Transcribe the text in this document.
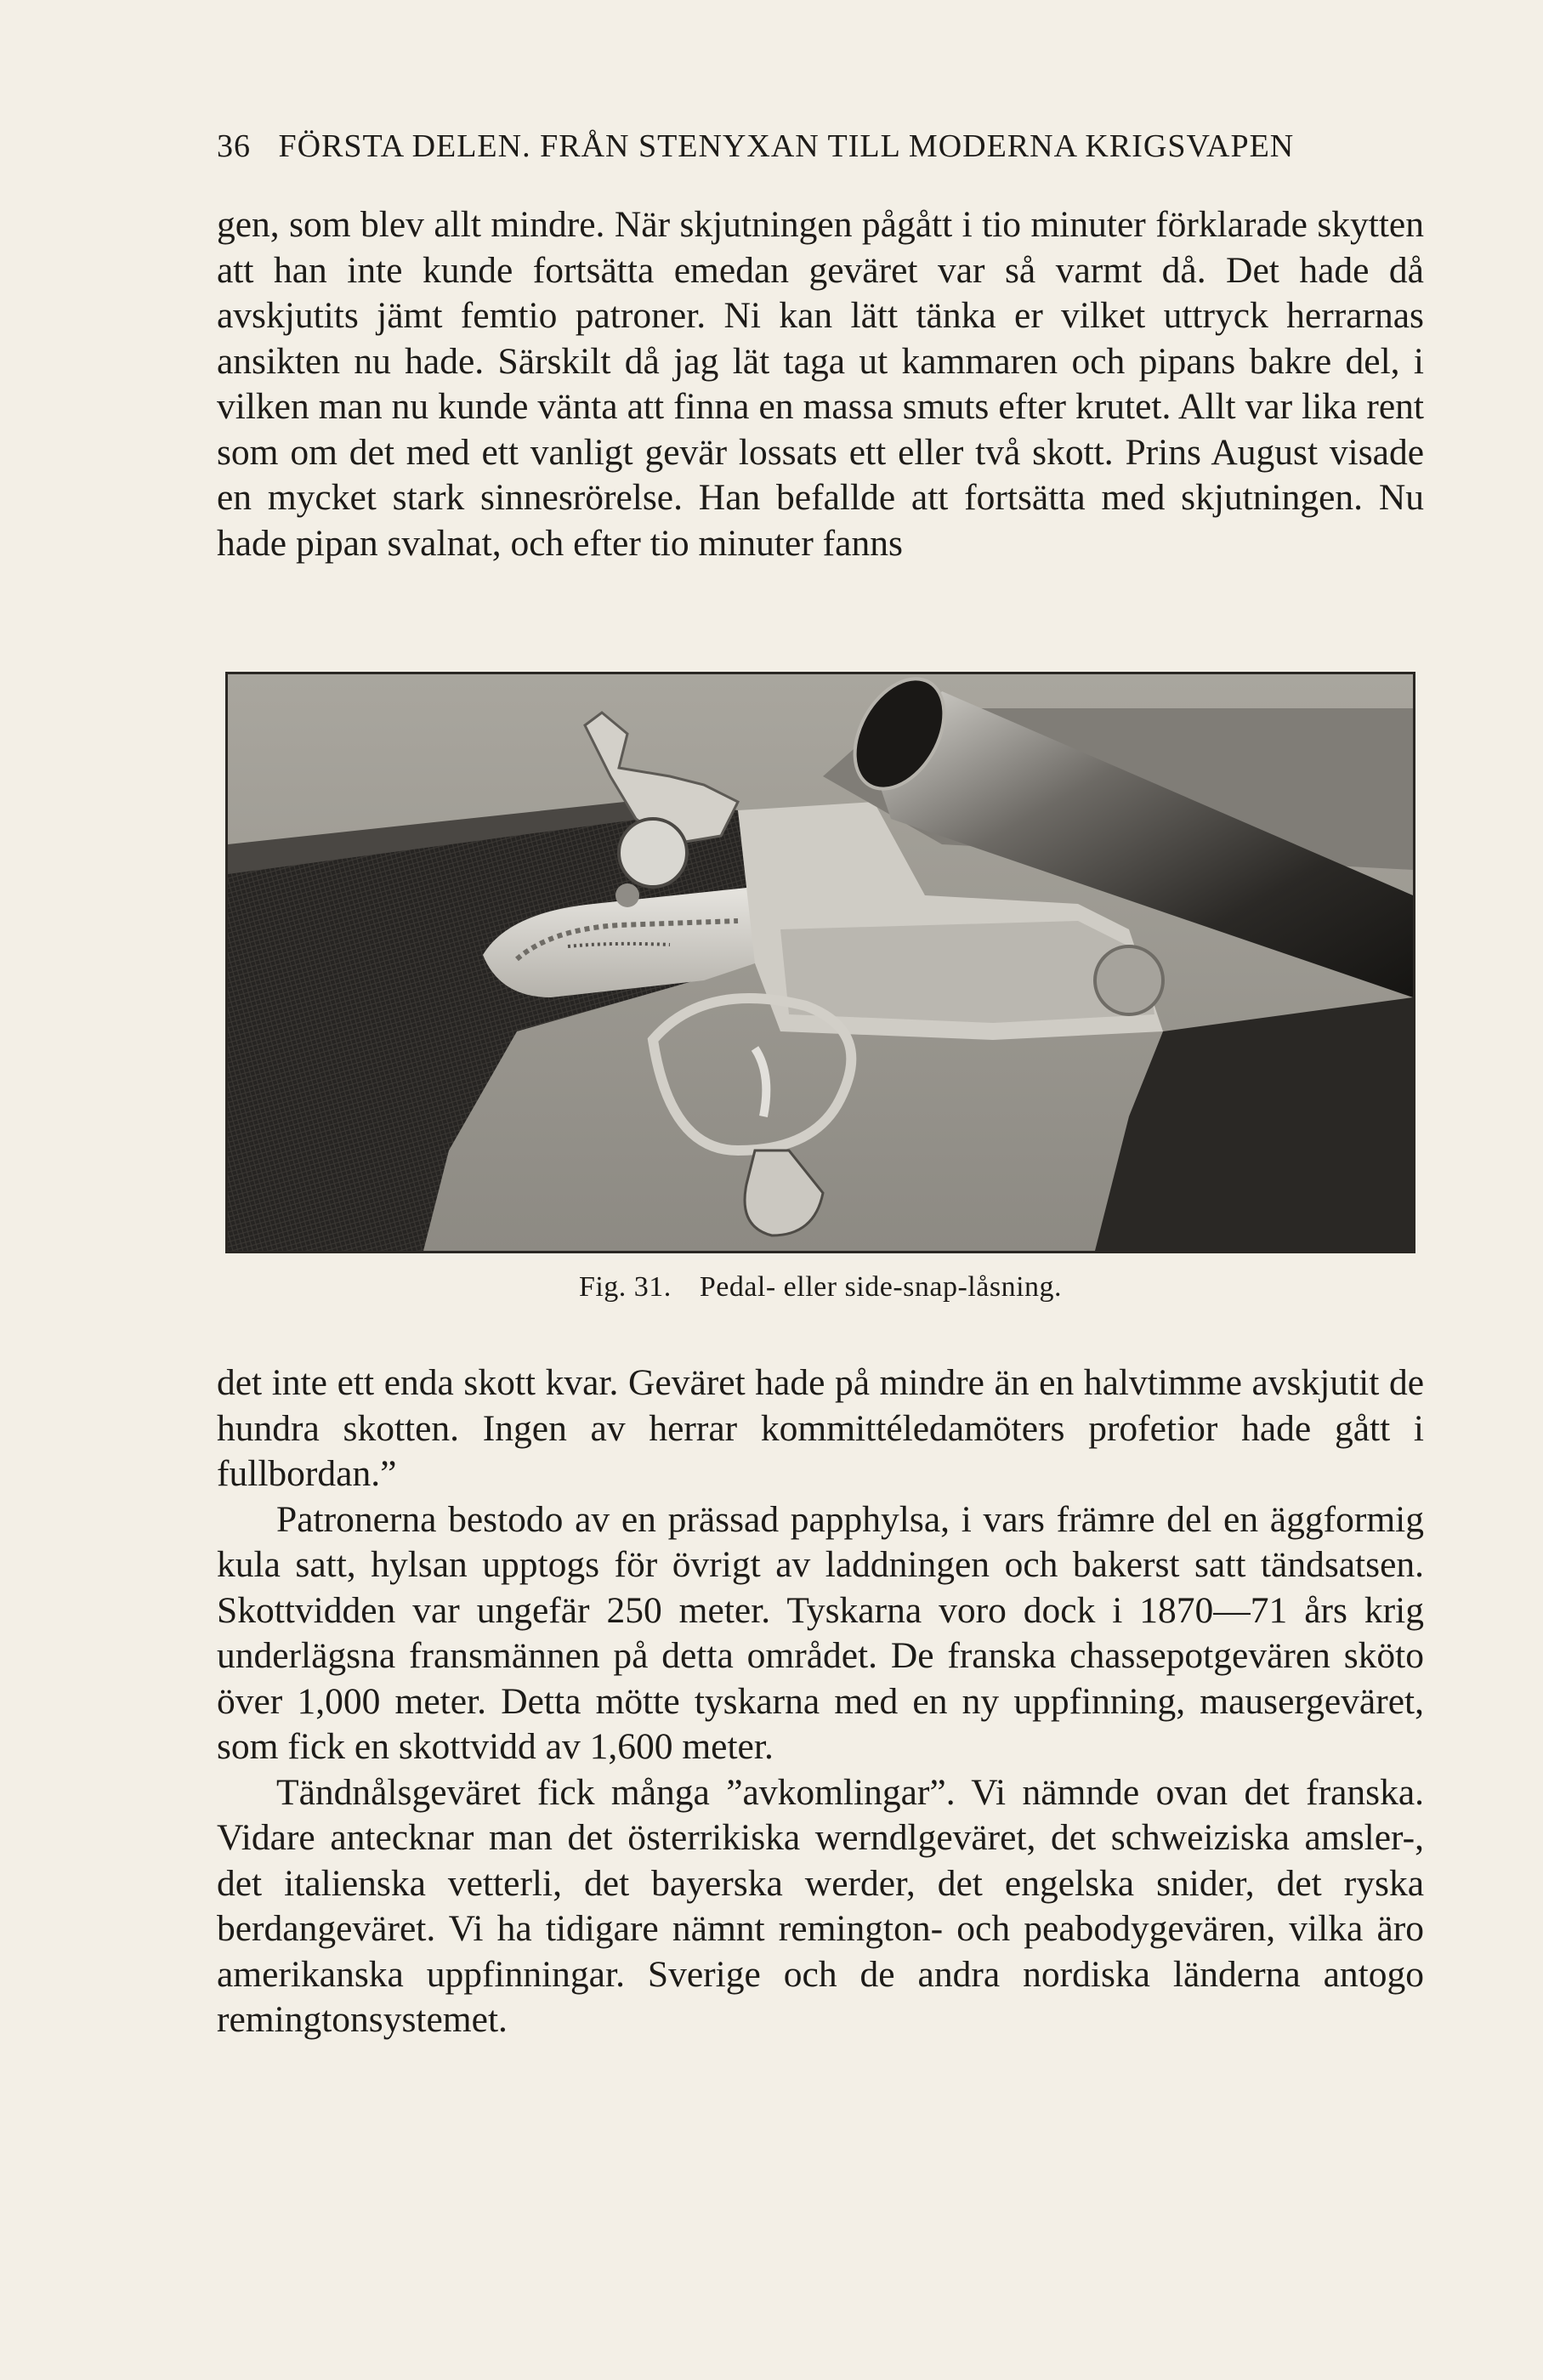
36 FÖRSTA DELEN. FRÅN STENYXAN TILL MODERNA KRIGSVAPEN

gen, som blev allt mindre. När skjutningen pågått i tio minuter förklarade skytten att han inte kunde fortsätta emedan geväret var så varmt då. Det hade då avskjutits jämt femtio patroner. Ni kan lätt tänka er vilket uttryck herrarnas ansikten nu hade. Särskilt då jag lät taga ut kammaren och pipans bakre del, i vilken man nu kunde vänta att finna en massa smuts efter krutet. Allt var lika rent som om det med ett vanligt gevär lossats ett eller två skott. Prins August visade en mycket stark sinnesrörelse. Han befallde att fortsätta med skjutningen. Nu hade pipan svalnat, och efter tio minuter fanns

Fig. 31. Pedal- eller side-snap-låsning.

det inte ett enda skott kvar. Geväret hade på mindre än en halvtimme avskjutit de hundra skotten. Ingen av herrar kommittéledamöters profetior hade gått i fullbordan.”

Patronerna bestodo av en prässad papphylsa, i vars främre del en äggformig kula satt, hylsan upptogs för övrigt av laddningen och bakerst satt tändsatsen. Skottvidden var ungefär 250 meter. Tyskarna voro dock i 1870—71 års krig underlägsna fransmännen på detta området. De franska chassepotgevären sköto över 1,000 meter. Detta mötte tyskarna med en ny uppfinning, mausergeväret, som fick en skottvidd av 1,600 meter.

Tändnålsgeväret fick många ”avkomlingar”. Vi nämnde ovan det franska. Vidare antecknar man det österrikiska werndlgeväret, det schweiziska amsler-, det italienska vetterli, det bayerska werder, det engelska snider, det ryska berdangeväret. Vi ha tidigare nämnt remington- och peabodygevären, vilka äro amerikanska uppfinningar. Sverige och de andra nordiska länderna antogo remingtonsystemet.
